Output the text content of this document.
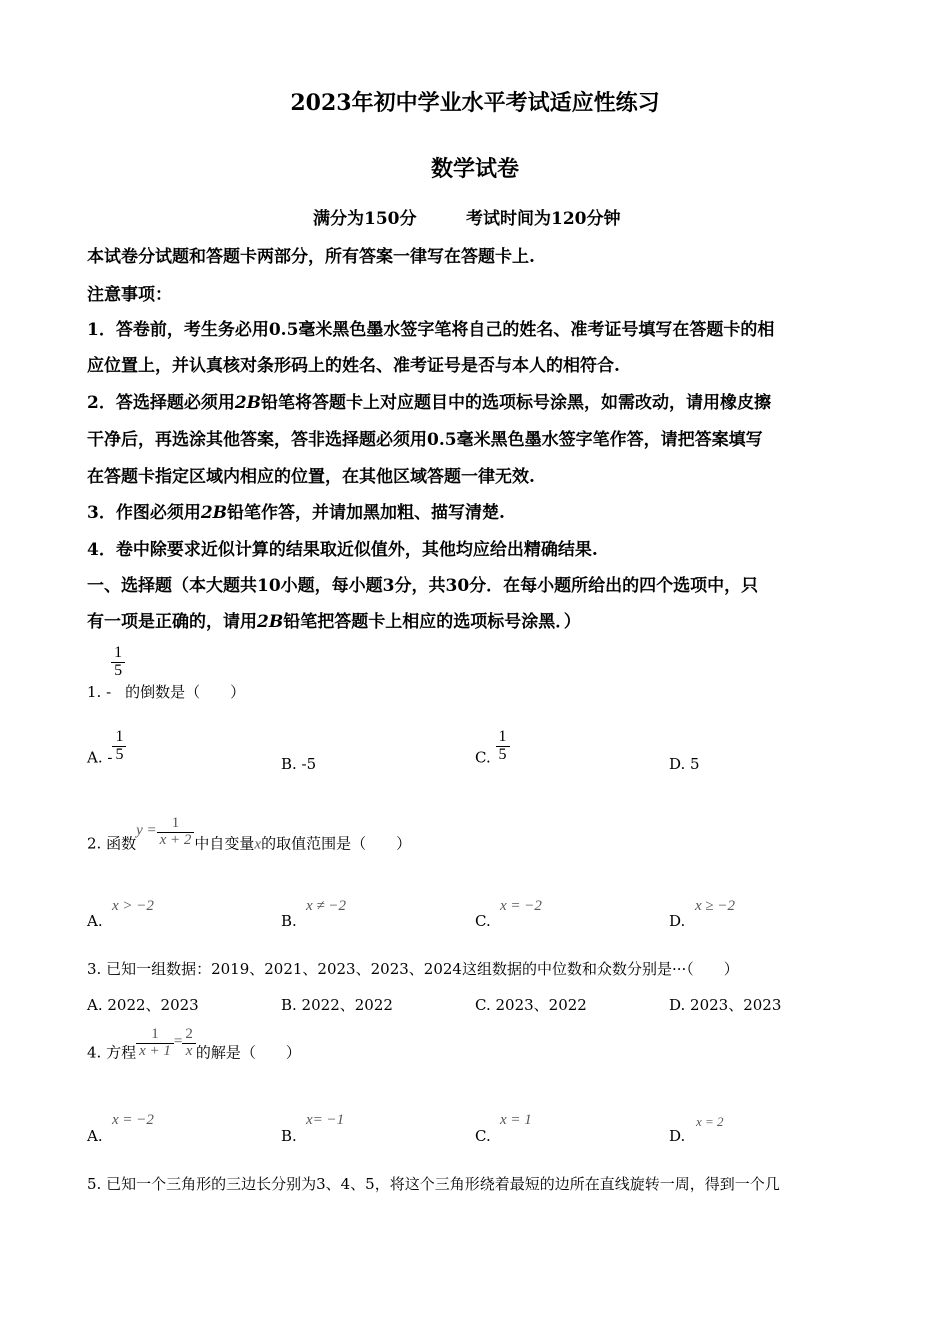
2023年初中学业水平考试适应性练习
数学试卷
满分为150分	考试时间为120分钟
本试卷分试题和答题卡两部分，所有答案一律写在答题卡上.
注意事项：
1．答卷前，考生务必用0.5毫米黑色墨水签字笔将自己的姓名、准考证号填写在答题卡的相
应位置上，并认真核对条形码上的姓名、准考证号是否与本人的相符合.
2．答选择题必须用2B铅笔将答题卡上对应题目中的选项标号涂黑，如需改动，请用橡皮擦
干净后，再选涂其他答案，答非选择题必须用0.5毫米黑色墨水签字笔作答，请把答案填写
在答题卡指定区域内相应的位置，在其他区域答题一律无效.
3．作图必须用2B铅笔作答，并请加黑加粗、描写清楚.
4．卷中除要求近似计算的结果取近似值外，其他均应给出精确结果.
一、选择题（本大题共10小题，每小题3分，共30分．在每小题所给出的四个选项中，只
有一项是正确的，请用2B铅笔把答题卡上相应的选项标号涂黑．）
1. -
$\frac{1}{5}$
的倒数是（　　）
A. - $\frac{1}{5}$
B. -5	C. $\frac{1}{5}$
D. 5
2. 函数$y = \frac{1}{x + 2}$ 中自变量x的取值范围是（　　）
A.
x > −2
B.
x ≠ −2
C.
x = −2
D.
x ≥ −2
3. 已知一组数据：2019、2021、2023、2023、2024这组数据的中位数和众数分别是···（　　）
A. 2022、2023	B. 2022、2022	C. 2023、2022	D. 2023、2023
4. 方程 $\frac{1}{x + 1} = \frac{2}{x}$ 的解是（　　）
A.
x = −2
B.
x= −1
C.
x = 1
D.
x = 2
5. 已知一个三角形的三边长分别为3、4、5，将这个三角形绕着最短的边所在直线旋转一周，得到一个几
